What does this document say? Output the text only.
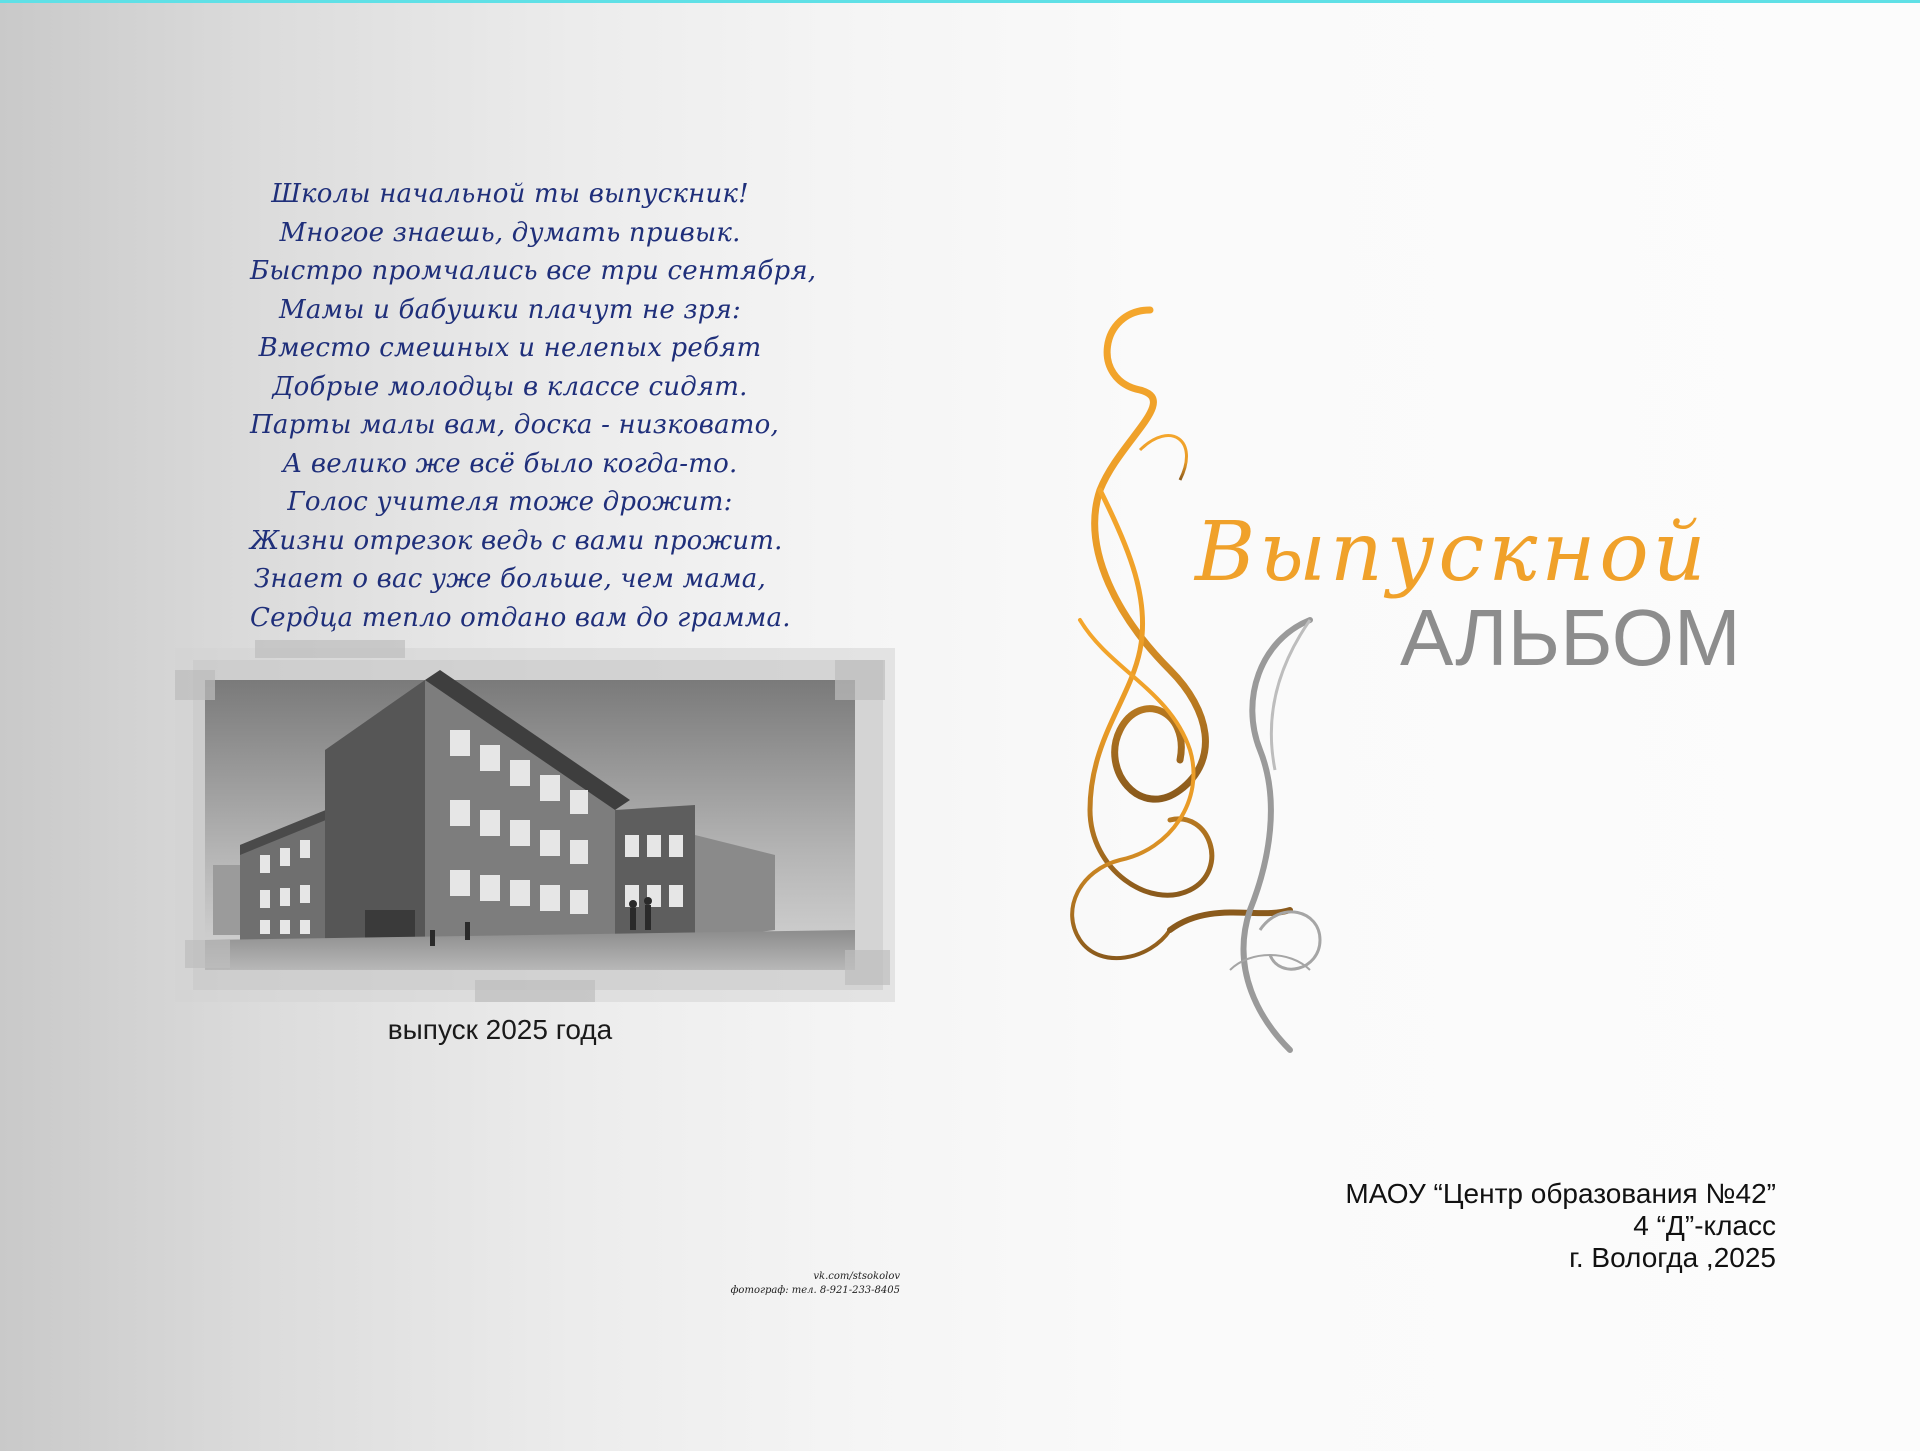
Школы начальной ты выпускник!
Многое знаешь, думать привык.
Быстро промчались все три сентября,
Мамы и бабушки плачут не зря:
Вместо смешных и нелепых ребят
Добрые молодцы в классе сидят.
Парты малы вам, доска - низковато,
А велико же всё было когда-то.
Голос учителя тоже дрожит:
Жизни отрезок ведь с вами прожит.
Знает о вас уже больше, чем мама,
Сердца тепло отдано вам до грамма.
выпуск 2025 года
vk.com/stsokolov
фотограф: тел. 8-921-233-8405
Выпускной
АЛЬБОМ
МАОУ “Центр образования №42”
4 “Д”-класс
г. Вологда ,2025
